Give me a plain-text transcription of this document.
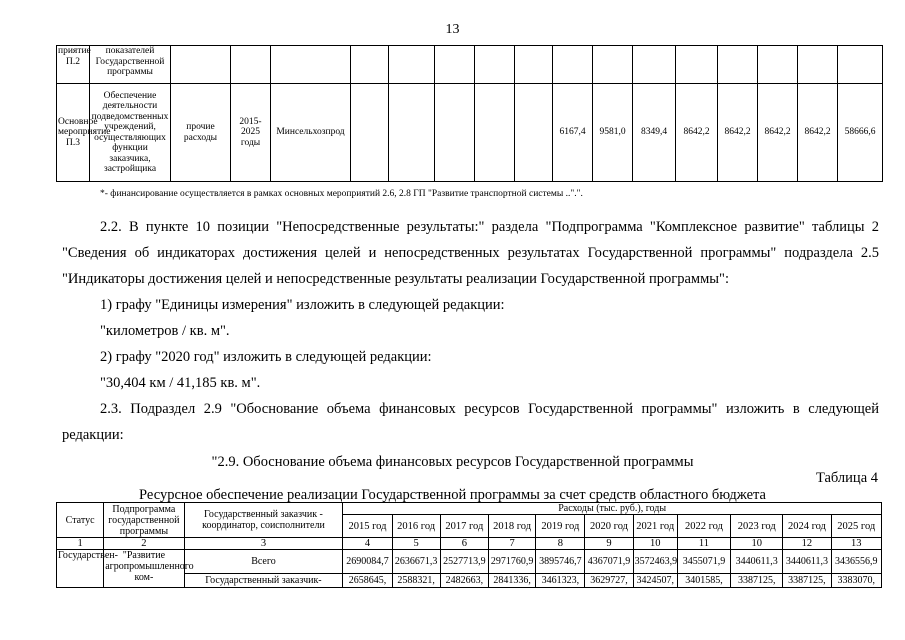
13
приятие П.2	показателей Государственной программы																
Основное мероприятие П.3	Обеспечение деятельности подведомственных учреждений, осуществляющих функции заказчика, застройщика	прочие расходы	2015-2025 годы	Минсельхозпрод						6167,4	9581,0	8349,4	8642,2	8642,2	8642,2	8642,2	58666,6
*- финансирование осуществляется в рамках основных мероприятий 2.6, 2.8 ГП "Развитие транспортной системы ..".".
2.2. В пункте 10 позиции "Непосредственные результаты:" раздела "Подпрограмма "Комплексное развитие" таблицы 2
"Сведения об индикаторах достижения целей и непосредственных результатах Государственной программы" подраздела 2.5
"Индикаторы достижения целей и непосредственные результаты реализации Государственной программы":
1) графу "Единицы измерения" изложить в следующей редакции:
"километров / кв. м".
2) графу "2020 год" изложить в следующей редакции:
"30,404 км / 41,185 кв. м".
2.3. Подраздел 2.9 "Обоснование объема финансовых ресурсов Государственной программы" изложить в следующей
редакции:
"2.9. Обоснование объема финансовых ресурсов Государственной программы
Таблица 4
Ресурсное обеспечение реализации Государственной программы за счет средств областного бюджета
Статус	Подпрограмма государственной программы	Государственный заказчик - координатор, соисполнители	Расходы (тыс. руб.), годы										
			2015 год	2016 год	2017 год	2018 год	2019 год	2020 год	2021 год	2022 год	2023 год	2024 год	2025 год
1	2	3	4	5	6	7	8	9	10	11	10	12	13
Государствен-	"Развитие агропромышленного ком-	Всего	2690084,7	2636671,3	2527713,9	2971760,9	3895746,7	4367071,9	3572463,9	3455071,9	3440611,3	3440611,3	3436556,9
		Государственный заказчик-	2658645,	2588321,	2482663,	2841336,	3461323,	3629727,	3424507,	3401585,	3387125,	3387125,	3383070,
